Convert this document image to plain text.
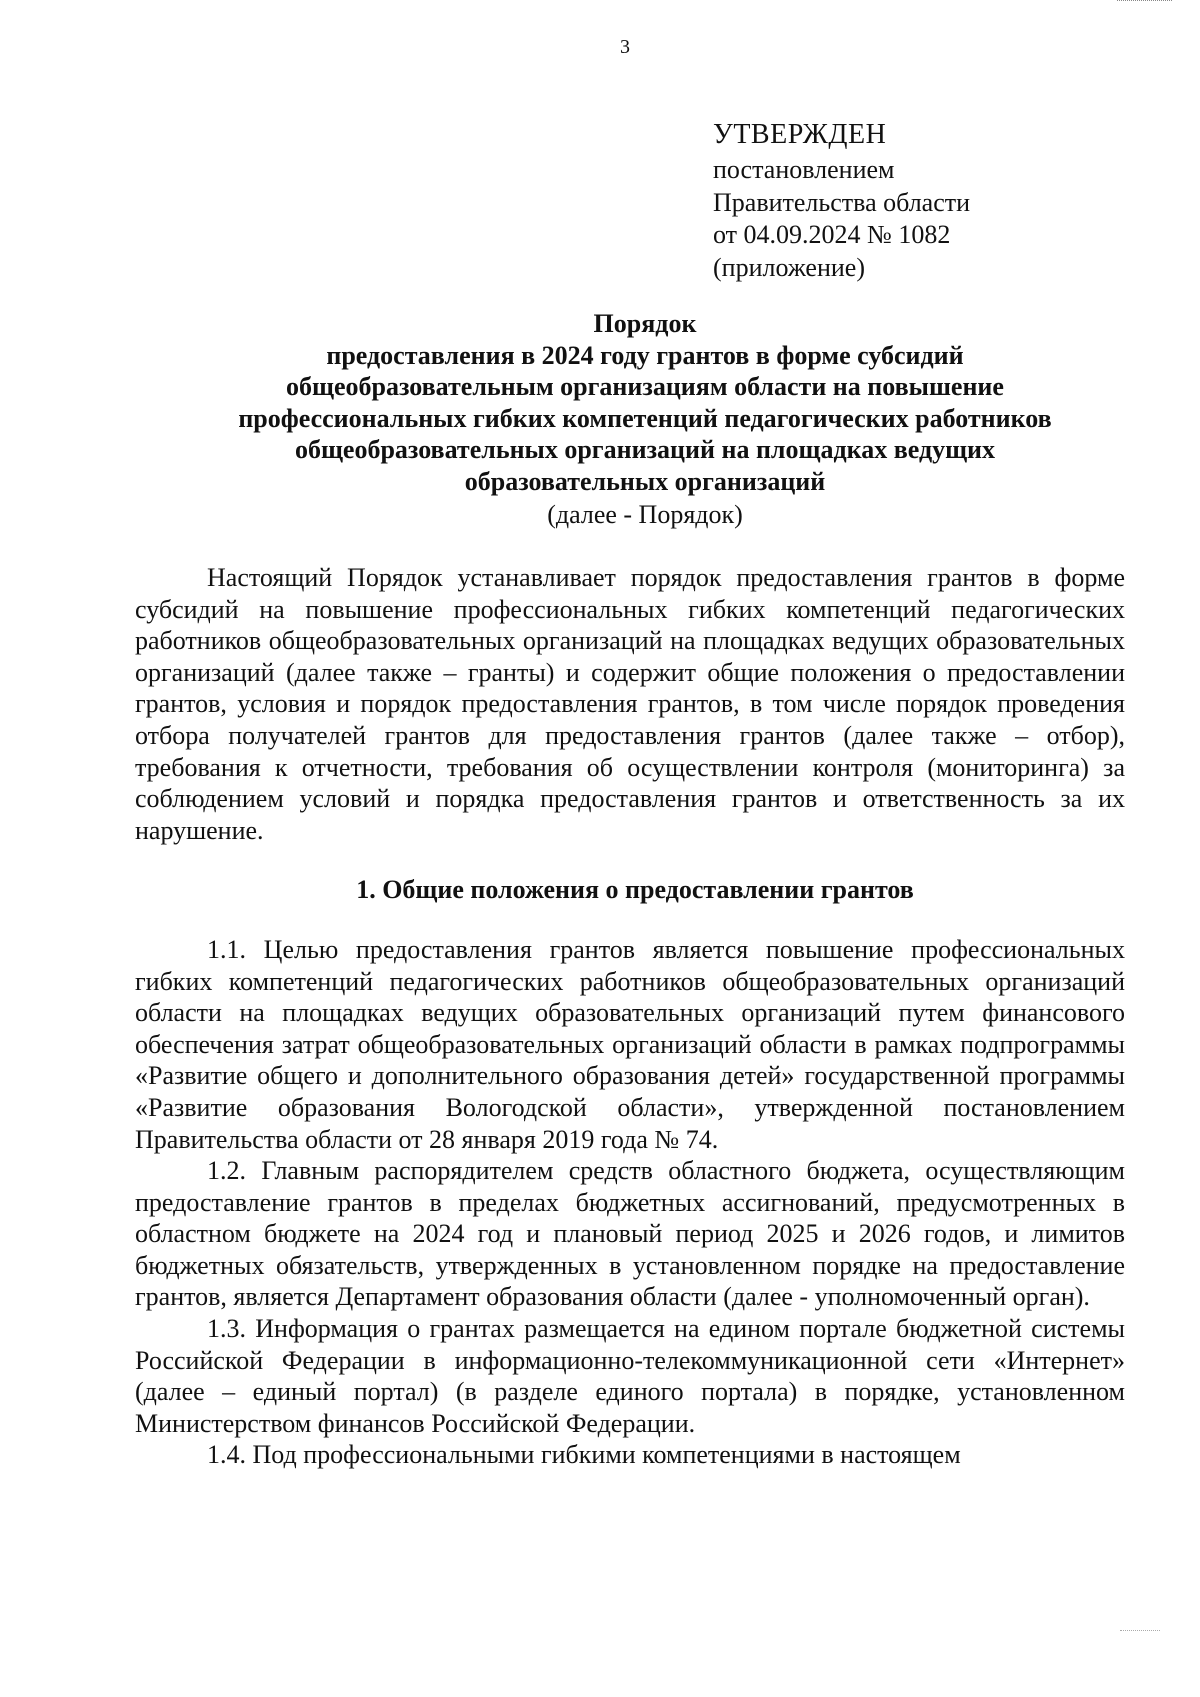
3
УТВЕРЖДЕН
постановлением
Правительства области
от 04.09.2024 № 1082
(приложение)
Порядок
предоставления в 2024 году грантов в форме субсидий
общеобразовательным организациям области на повышение
профессиональных гибких компетенций педагогических работников
общеобразовательных организаций на площадках ведущих
образовательных организаций
(далее - Порядок)

Настоящий Порядок устанавливает порядок предоставления грантов в форме субсидий на повышение профессиональных гибких компетенций педагогических работников общеобразовательных организаций на площадках ведущих образовательных организаций (далее также – гранты) и содержит общие положения о предоставлении грантов, условия и порядок предоставления грантов, в том числе порядок проведения отбора получателей грантов для предоставления грантов (далее также – отбор), требования к отчетности, требования об осуществлении контроля (мониторинга) за соблюдением условий и порядка предоставления грантов и ответственность за их нарушение.

1. Общие положения о предоставлении грантов

1.1. Целью предоставления грантов является повышение профессиональных гибких компетенций педагогических работников общеобразовательных организаций области на площадках ведущих образовательных организаций путем финансового обеспечения затрат общеобразовательных организаций области в рамках подпрограммы «Развитие общего и дополнительного образования детей» государственной программы «Развитие образования Вологодской области», утвержденной постановлением Правительства области от 28 января 2019 года № 74.

1.2. Главным распорядителем средств областного бюджета, осуществляющим предоставление грантов в пределах бюджетных ассигнований, предусмотренных в областном бюджете на 2024 год и плановый период 2025 и 2026 годов, и лимитов бюджетных обязательств, утвержденных в установленном порядке на предоставление грантов, является Департамент образования области (далее - уполномоченный орган).

1.3. Информация о грантах размещается на едином портале бюджетной системы Российской Федерации в информационно-телекоммуникационной сети «Интернет» (далее – единый портал) (в разделе единого портала) в порядке, установленном Министерством финансов Российской Федерации.

1.4. Под профессиональными гибкими компетенциями в настоящем
